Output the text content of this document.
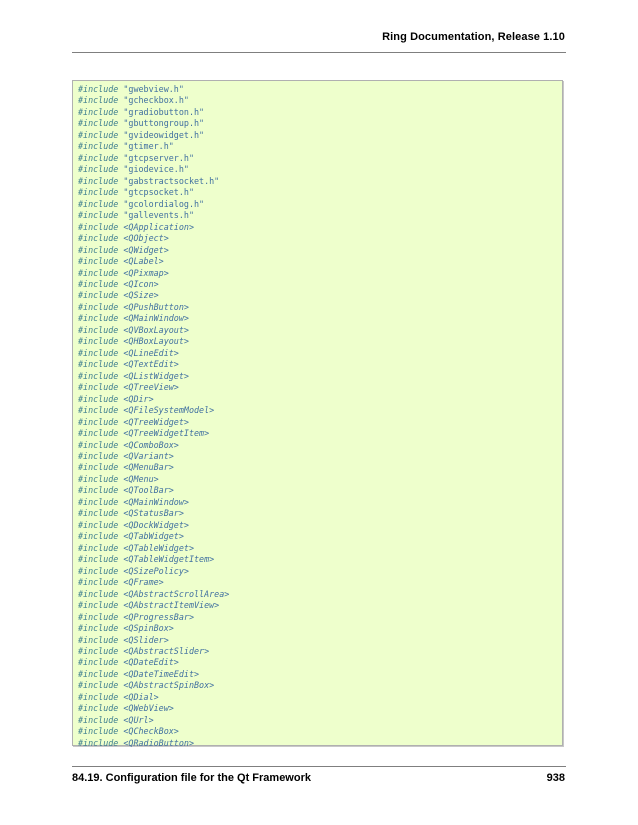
Ring Documentation, Release 1.10
#include "gwebview.h"
#include "gcheckbox.h"
#include "gradiobutton.h"
#include "gbuttongroup.h"
#include "gvideowidget.h"
#include "gtimer.h"
#include "gtcpserver.h"
#include "giodevice.h"
#include "gabstractsocket.h"
#include "gtcpsocket.h"
#include "gcolordialog.h"
#include "gallevents.h"
#include <QApplication>
#include <QObject>
#include <QWidget>
#include <QLabel>
#include <QPixmap>
#include <QIcon>
#include <QSize>
#include <QPushButton>
#include <QMainWindow>
#include <QVBoxLayout>
#include <QHBoxLayout>
#include <QLineEdit>
#include <QTextEdit>
#include <QListWidget>
#include <QTreeView>
#include <QDir>
#include <QFileSystemModel>
#include <QTreeWidget>
#include <QTreeWidgetItem>
#include <QComboBox>
#include <QVariant>
#include <QMenuBar>
#include <QMenu>
#include <QToolBar>
#include <QMainWindow>
#include <QStatusBar>
#include <QDockWidget>
#include <QTabWidget>
#include <QTableWidget>
#include <QTableWidgetItem>
#include <QSizePolicy>
#include <QFrame>
#include <QAbstractScrollArea>
#include <QAbstractItemView>
#include <QProgressBar>
#include <QSpinBox>
#include <QSlider>
#include <QAbstractSlider>
#include <QDateEdit>
#include <QDateTimeEdit>
#include <QAbstractSpinBox>
#include <QDial>
#include <QWebView>
#include <QUrl>
#include <QCheckBox>
#include <QRadioButton>
84.19. Configuration file for the Qt Framework	938
